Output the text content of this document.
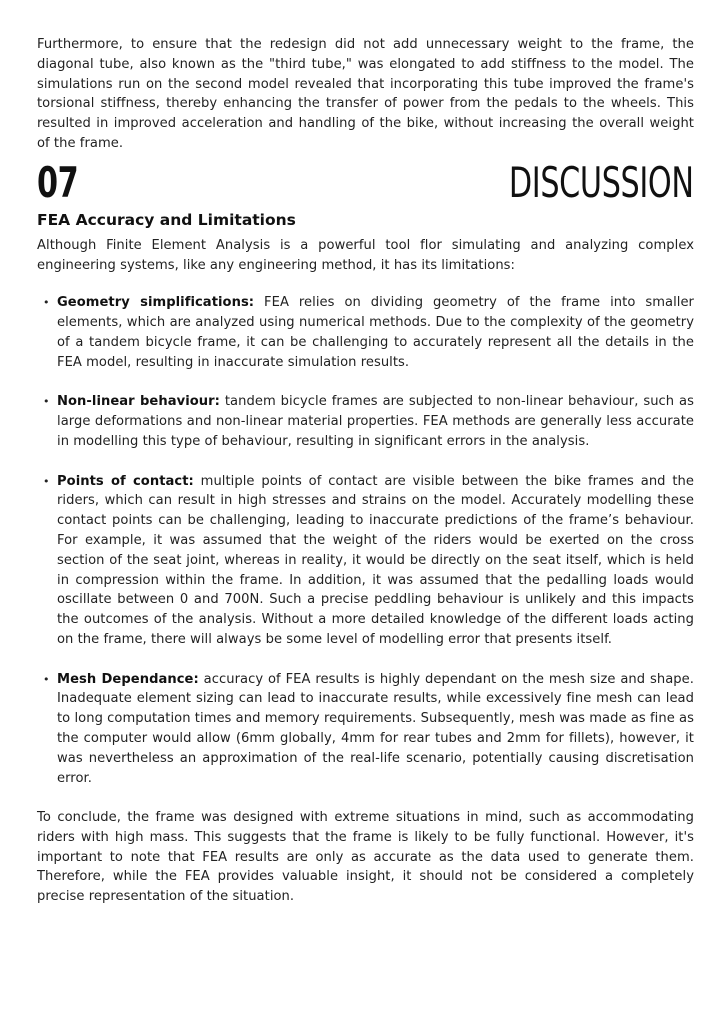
Furthermore, to ensure that the redesign did not add unnecessary weight to the frame, the diagonal tube, also known as the "third tube," was elongated to add stiffness to the model. The simulations run on the second model revealed that incorporating this tube improved the frame's torsional stiffness, thereby enhancing the transfer of power from the pedals to the wheels. This resulted in improved acceleration and handling of the bike, without increasing the overall weight of the frame.

07	DISCUSSION
FEA Accuracy and Limitations

Although Finite Element Analysis is a powerful tool flor simulating and analyzing complex engineering systems, like any engineering method, it has its limitations:

• Geometry simplifications: FEA relies on dividing geometry of the frame into smaller elements, which are analyzed using numerical methods. Due to the complexity of the geometry of a tandem bicycle frame, it can be challenging to accurately represent all the details in the FEA model, resulting in inaccurate simulation results.

• Non-linear behaviour: tandem bicycle frames are subjected to non-linear behaviour, such as large deformations and non-linear material properties. FEA methods are generally less accurate in modelling this type of behaviour, resulting in significant errors in the analysis.

• Points of contact: multiple points of contact are visible between the bike frames and the riders, which can result in high stresses and strains on the model. Accurately modelling these contact points can be challenging, leading to inaccurate predictions of the frame’s behaviour. For example, it was assumed that the weight of the riders would be exerted on the cross section of the seat joint, whereas in reality, it would be directly on the seat itself, which is held in compression within the frame. In addition, it was assumed that the pedalling loads would oscillate between 0 and 700N. Such a precise peddling behaviour is unlikely and this impacts the outcomes of the analysis. Without a more detailed knowledge of the different loads acting on the frame, there will always be some level of modelling error that presents itself.

• Mesh Dependance: accuracy of FEA results is highly dependant on the mesh size and shape. Inadequate element sizing can lead to inaccurate results, while excessively fine mesh can lead to long computation times and memory requirements. Subsequently, mesh was made as fine as the computer would allow (6mm globally, 4mm for rear tubes and 2mm for fillets), however, it was nevertheless an approximation of the real-life scenario, potentially causing discretisation error.

To conclude, the frame was designed with extreme situations in mind, such as accommodating riders with high mass. This suggests that the frame is likely to be fully functional. However, it's important to note that FEA results are only as accurate as the data used to generate them. Therefore, while the FEA provides valuable insight, it should not be considered a completely precise representation of the situation.
